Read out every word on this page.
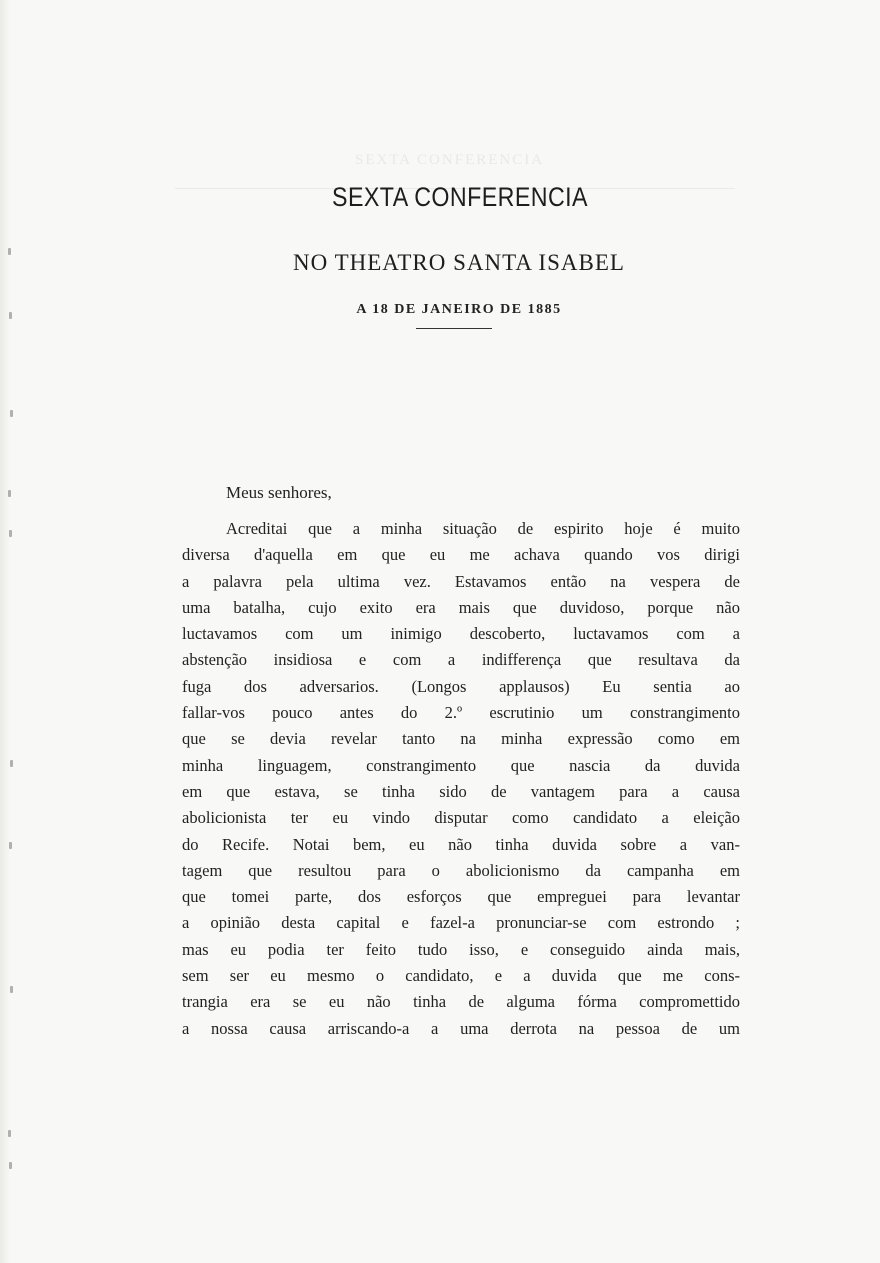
SEXTA CONFERENCIA
SEXTA CONFERENCIA
NO THEATRO SANTA ISABEL
A 18 DE JANEIRO DE 1885
Meus senhores,
Acreditai que a minha situação de espirito hoje é muito
diversa d'aquella em que eu me achava quando vos dirigi
a palavra pela ultima vez. Estavamos então na vespera de
uma batalha, cujo exito era mais que duvidoso, porque não
luctavamos com um inimigo descoberto, luctavamos com a
abstenção insidiosa e com a indifferença que resultava da
fuga dos adversarios. (Longos applausos) Eu sentia ao
fallar-vos pouco antes do 2.º escrutinio um constrangimento
que se devia revelar tanto na minha expressão como em
minha linguagem, constrangimento que nascia da duvida
em que estava, se tinha sido de vantagem para a causa
abolicionista ter eu vindo disputar como candidato a eleição
do Recife. Notai bem, eu não tinha duvida sobre a van-
tagem que resultou para o abolicionismo da campanha em
que tomei parte, dos esforços que empreguei para levantar
a opinião desta capital e fazel-a pronunciar-se com estrondo ;
mas eu podia ter feito tudo isso, e conseguido ainda mais,
sem ser eu mesmo o candidato, e a duvida que me cons-
trangia era se eu não tinha de alguma fórma compromettido
a nossa causa arriscando-a a uma derrota na pessoa de um
